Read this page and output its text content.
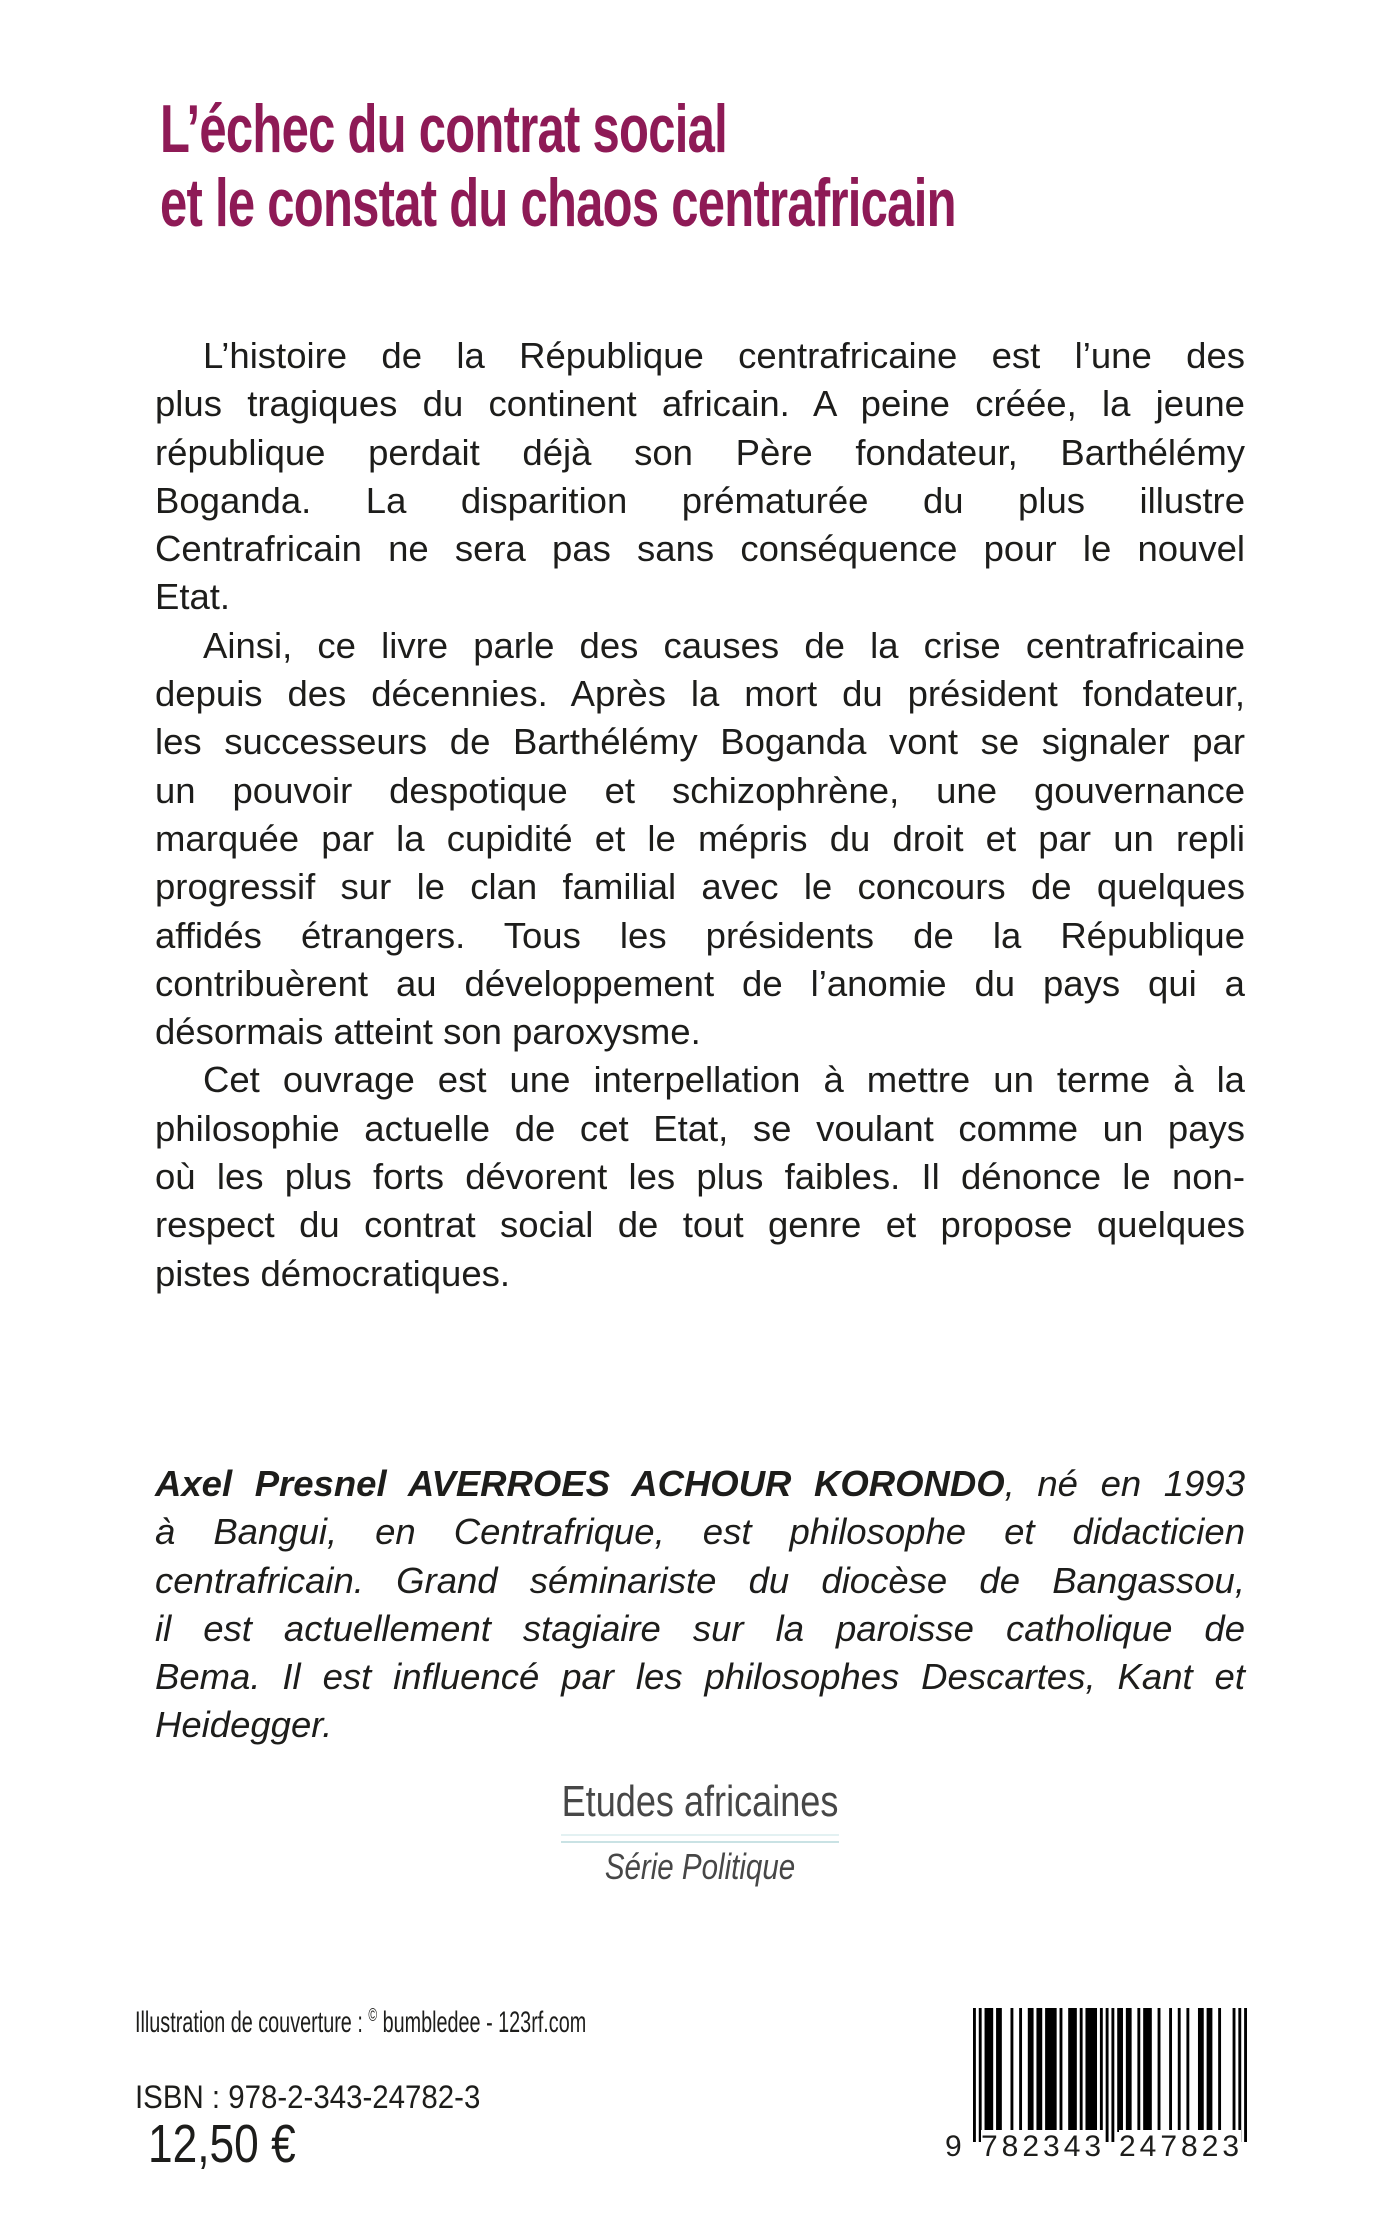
L’échec du contrat social
et le constat du chaos centrafricain
L’histoire de la République centrafricaine est l’une des
plus tragiques du continent africain. A peine créée, la jeune
république perdait déjà son Père fondateur, Barthélémy
Boganda. La disparition prématurée du plus illustre
Centrafricain ne sera pas sans conséquence pour le nouvel
Etat.
Ainsi, ce livre parle des causes de la crise centrafricaine
depuis des décennies. Après la mort du président fondateur,
les successeurs de Barthélémy Boganda vont se signaler par
un pouvoir despotique et schizophrène, une gouvernance
marquée par la cupidité et le mépris du droit et par un repli
progressif sur le clan familial avec le concours de quelques
affidés étrangers. Tous les présidents de la République
contribuèrent au développement de l’anomie du pays qui a
désormais atteint son paroxysme.
Cet ouvrage est une interpellation à mettre un terme à la
philosophie actuelle de cet Etat, se voulant comme un pays
où les plus forts dévorent les plus faibles. Il dénonce le non-
respect du contrat social de tout genre et propose quelques
pistes démocratiques.
Axel Presnel AVERROES ACHOUR KORONDO, né en 1993
à Bangui, en Centrafrique, est philosophe et didacticien
centrafricain. Grand séminariste du diocèse de Bangassou,
il est actuellement stagiaire sur la paroisse catholique de
Bema. Il est influencé par les philosophes Descartes, Kant et
Heidegger.
Etudes africaines
Série Politique
Illustration de couverture : © bumbledee - 123rf.com
ISBN : 978-2-343-24782-3
12,50 €	9 782343 247823
